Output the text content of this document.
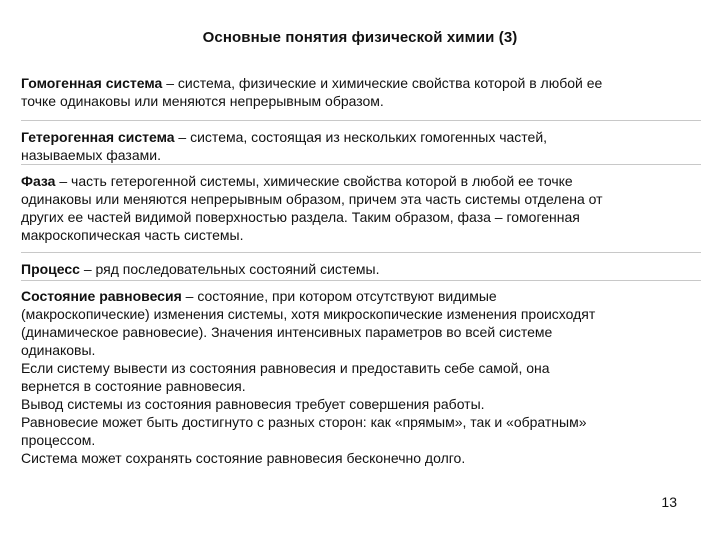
Основные понятия физической химии (3)
Гомогенная система – система, физические и химические свойства которой в любой ее
точке одинаковы или меняются непрерывным образом.
Гетерогенная система – система, состоящая из нескольких гомогенных частей,
называемых фазами.
Фаза – часть гетерогенной системы, химические свойства которой в любой ее точке
одинаковы или меняются непрерывным образом, причем эта часть системы отделена от
других ее частей видимой поверхностью раздела. Таким образом, фаза – гомогенная
макроскопическая часть системы.
Процесс – ряд последовательных состояний системы.
Состояние равновесия – состояние, при котором отсутствуют видимые
(макроскопические) изменения системы, хотя микроскопические изменения происходят
(динамическое равновесие). Значения интенсивных параметров во всей системе
одинаковы.
Если систему вывести из состояния равновесия и предоставить себе самой, она
вернется в состояние равновесия.
Вывод системы из состояния равновесия требует совершения работы.
Равновесие может быть достигнуто с разных сторон: как «прямым», так и «обратным»
процессом.
Система может сохранять состояние равновесия бесконечно долго.
13
